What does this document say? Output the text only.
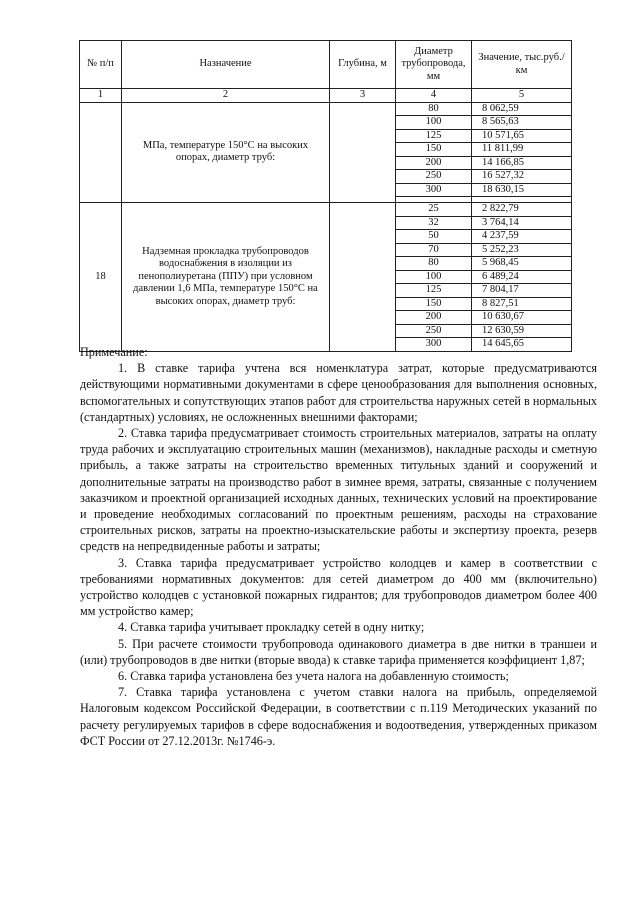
№ п/п	Назначение	Глубина, м	Диаметр трубопровода, мм	Значение, тыс.руб./км
1	2	3	4	5
	МПа, температуре 150°С на высоких опорах, диаметр труб:		80	8 062,59
			100	8 565,63
			125	10 571,65
			150	11 811,99
			200	14 166,85
			250	16 527,32
			300	18 630,15

18	Надземная прокладка трубопроводов водоснабжения в изоляции из пенополиуретана (ППУ) при условном давлении 1,6 МПа, температуре 150°С на высоких опорах, диаметр труб:		25	2 822,79
			32	3 764,14
			50	4 237,59
			70	5 252,23
			80	5 968,45
			100	6 489,24
			125	7 804,17
			150	8 827,51
			200	10 630,67
			250	12 630,59
			300	14 645,65

Примечание:

1. В ставке тарифа учтена вся номенклатура затрат, которые предусматриваются действующими нормативными документами в сфере ценообразования для выполнения основных, вспомогательных и сопутствующих этапов работ для строительства наружных сетей в нормальных (стандартных) условиях, не осложненных внешними факторами;

2. Ставка тарифа предусматривает стоимость строительных материалов, затраты на оплату труда рабочих и эксплуатацию строительных машин (механизмов), накладные расходы и сметную прибыль, а также затраты на строительство временных титульных зданий и сооружений и дополнительные затраты на производство работ в зимнее время, затраты, связанные с получением заказчиком и проектной организацией исходных данных, технических условий на проектирование и проведение необходимых согласований по проектным решениям, расходы на страхование строительных рисков, затраты на проектно-изыскательские работы и экспертизу проекта, резерв средств на непредвиденные работы и затраты;

3. Ставка тарифа предусматривает устройство колодцев и камер в соответствии с требованиями нормативных документов: для сетей диаметром до 400 мм (включительно) устройство колодцев с установкой пожарных гидрантов; для трубопроводов диаметром более 400 мм устройство камер;

4. Ставка тарифа учитывает прокладку сетей в одну нитку;

5. При расчете стоимости трубопровода одинакового диаметра в две нитки в траншеи и (или) трубопроводов в две нитки (вторые ввода) к ставке тарифа применяется коэффициент 1,87;

6. Ставка тарифа установлена без учета налога на добавленную стоимость;

7. Ставка тарифа установлена с учетом ставки налога на прибыль, определяемой Налоговым кодексом Российской Федерации, в соответствии с п.119 Методических указаний по расчету регулируемых тарифов в сфере водоснабжения и водоотведения, утвержденных приказом ФСТ России от 27.12.2013г. №1746-э.
